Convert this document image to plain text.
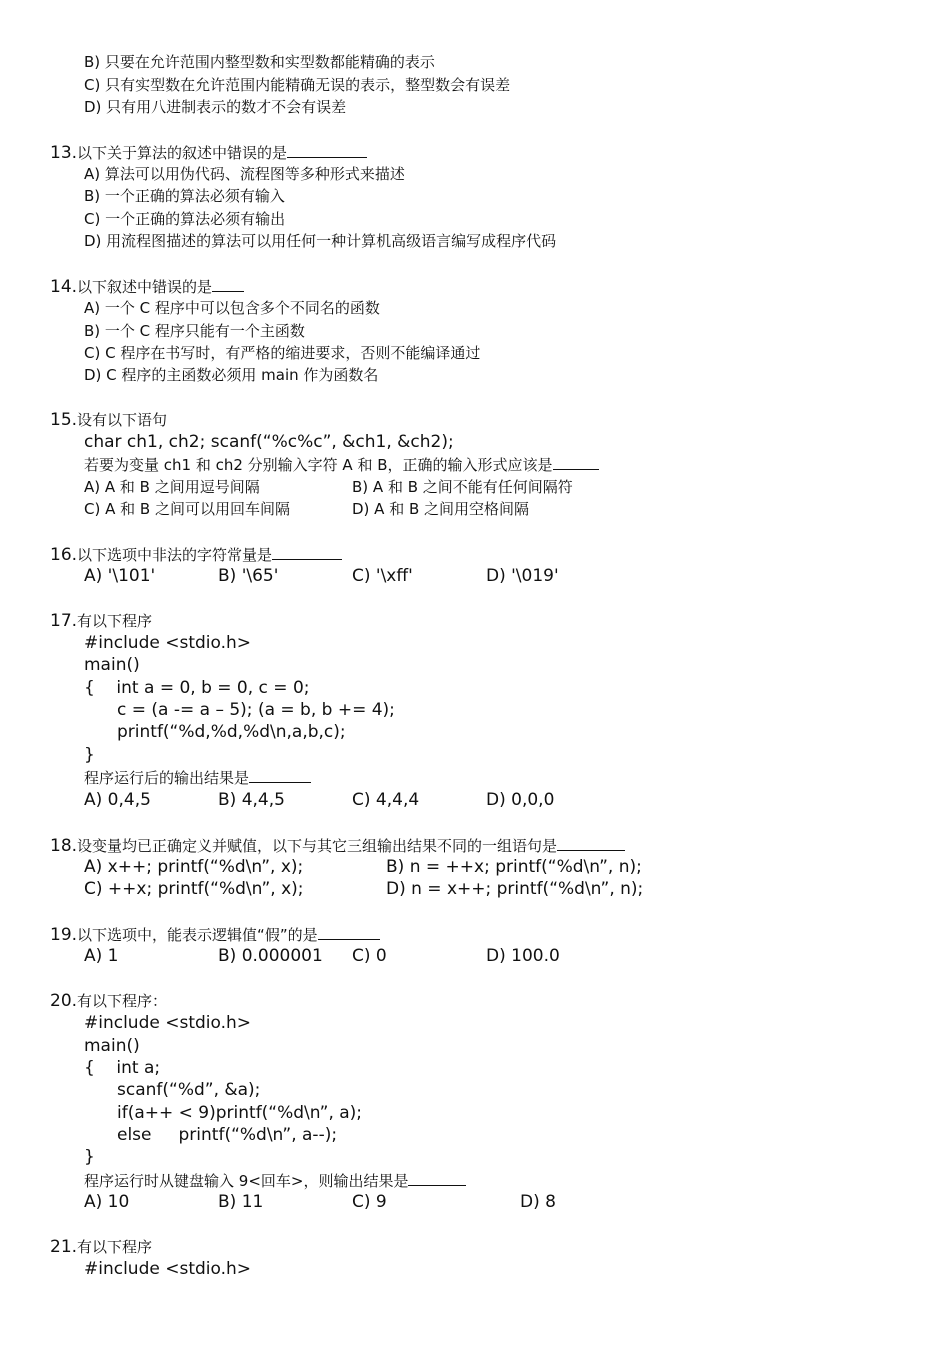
B) 只要在允许范围内整型数和实型数都能精确的表示
C) 只有实型数在允许范围内能精确无误的表示，整型数会有误差
D) 只有用八进制表示的数才不会有误差
13.以下关于算法的叙述中错误的是
A) 算法可以用伪代码、流程图等多种形式来描述
B) 一个正确的算法必须有输入
C) 一个正确的算法必须有输出
D) 用流程图描述的算法可以用任何一种计算机高级语言编写成程序代码
14.以下叙述中错误的是
A) 一个 C 程序中可以包含多个不同名的函数
B) 一个 C 程序只能有一个主函数
C) C 程序在书写时，有严格的缩进要求，否则不能编译通过
D) C 程序的主函数必须用 main 作为函数名
15.设有以下语句
char ch1, ch2; scanf(“%c%c”, &ch1, &ch2);
若要为变量 ch1 和 ch2 分别输入字符 A 和 B，正确的输入形式应该是
A) A 和 B 之间用逗号间隔	B) A 和 B 之间不能有任何间隔符
C) A 和 B 之间可以用回车间隔	D) A 和 B 之间用空格间隔
16.以下选项中非法的字符常量是
A) '\101'	B) '\65'	C) '\xff'	D) '\019'
17.有以下程序
#include <stdio.h>
main()
{    int a = 0, b = 0, c = 0;
c = (a -= a – 5); (a = b, b += 4);
printf(“%d,%d,%d\n,a,b,c);
}
程序运行后的输出结果是
A) 0,4,5	B) 4,4,5	C) 4,4,4	D) 0,0,0
18.设变量均已正确定义并赋值，以下与其它三组输出结果不同的一组语句是
A) x++; printf(“%d\n”, x);	B) n = ++x; printf(“%d\n”, n);
C) ++x; printf(“%d\n”, x);	D) n = x++; printf(“%d\n”, n);
19.以下选项中，能表示逻辑值“假”的是
A) 1	B) 0.000001 C) 0	D) 100.0
20.有以下程序：
#include <stdio.h>
main()
{    int a;
scanf(“%d”, &a);
if(a++ < 9)printf(“%d\n”, a);
else     printf(“%d\n”, a--);
}
程序运行时从键盘输入 9<回车>，则输出结果是
A) 10	B) 11	C) 9	D) 8
21.有以下程序
#include <stdio.h>
